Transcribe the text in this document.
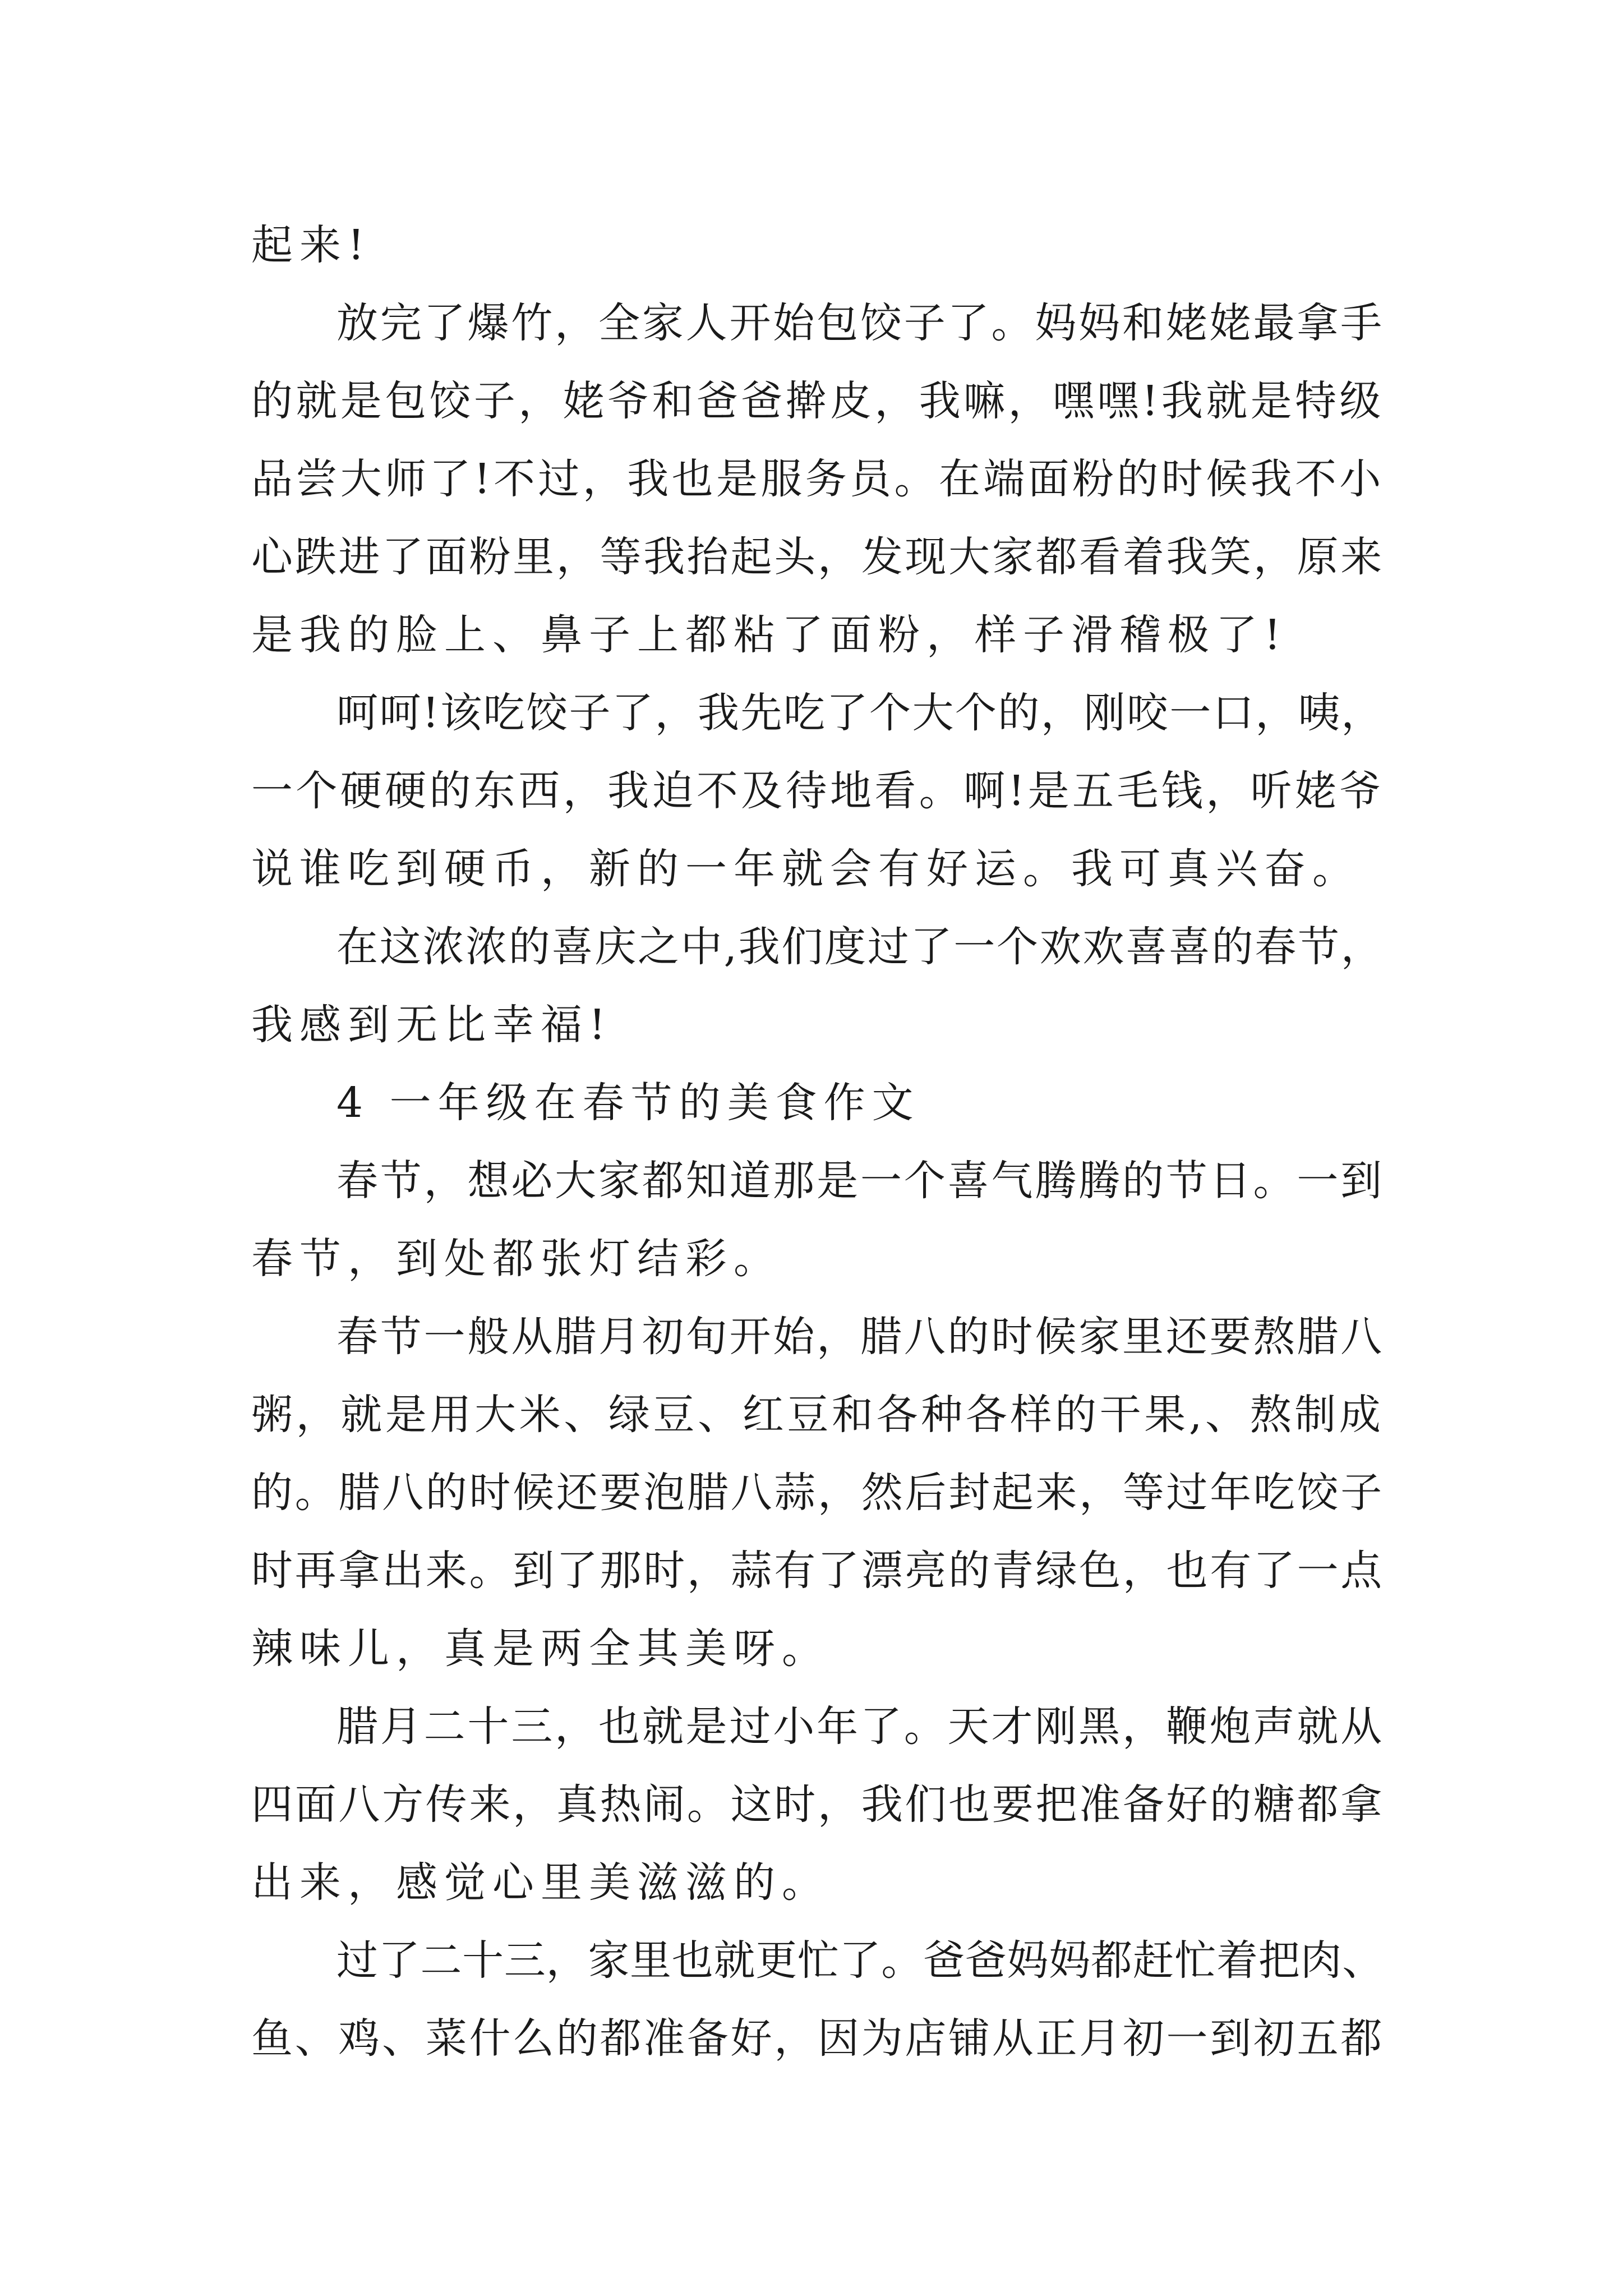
起来!
放完了爆竹，全家人开始包饺子了。妈妈和姥姥最拿手
的就是包饺子，姥爷和爸爸擀皮，我嘛，嘿嘿!我就是特级
品尝大师了!不过，我也是服务员。在端面粉的时候我不小
心跌进了面粉里，等我抬起头，发现大家都看着我笑，原来
是我的脸上、鼻子上都粘了面粉，样子滑稽极了!
呵呵!该吃饺子了，我先吃了个大个的，刚咬一口，咦，
一个硬硬的东西，我迫不及待地看。啊!是五毛钱，听姥爷
说谁吃到硬币，新的一年就会有好运。我可真兴奋。
在这浓浓的喜庆之中,我们度过了一个欢欢喜喜的春节，
我感到无比幸福!
4 一年级在春节的美食作文
春节，想必大家都知道那是一个喜气腾腾的节日。一到
春节，到处都张灯结彩。
春节一般从腊月初旬开始，腊八的时候家里还要熬腊八
粥，就是用大米、绿豆、红豆和各种各样的干果,、熬制成
的。腊八的时候还要泡腊八蒜，然后封起来，等过年吃饺子
时再拿出来。到了那时，蒜有了漂亮的青绿色，也有了一点
辣味儿，真是两全其美呀。
腊月二十三，也就是过小年了。天才刚黑，鞭炮声就从
四面八方传来，真热闹。这时，我们也要把准备好的糖都拿
出来，感觉心里美滋滋的。
过了二十三，家里也就更忙了。爸爸妈妈都赶忙着把肉、
鱼、鸡、菜什么的都准备好，因为店铺从正月初一到初五都
